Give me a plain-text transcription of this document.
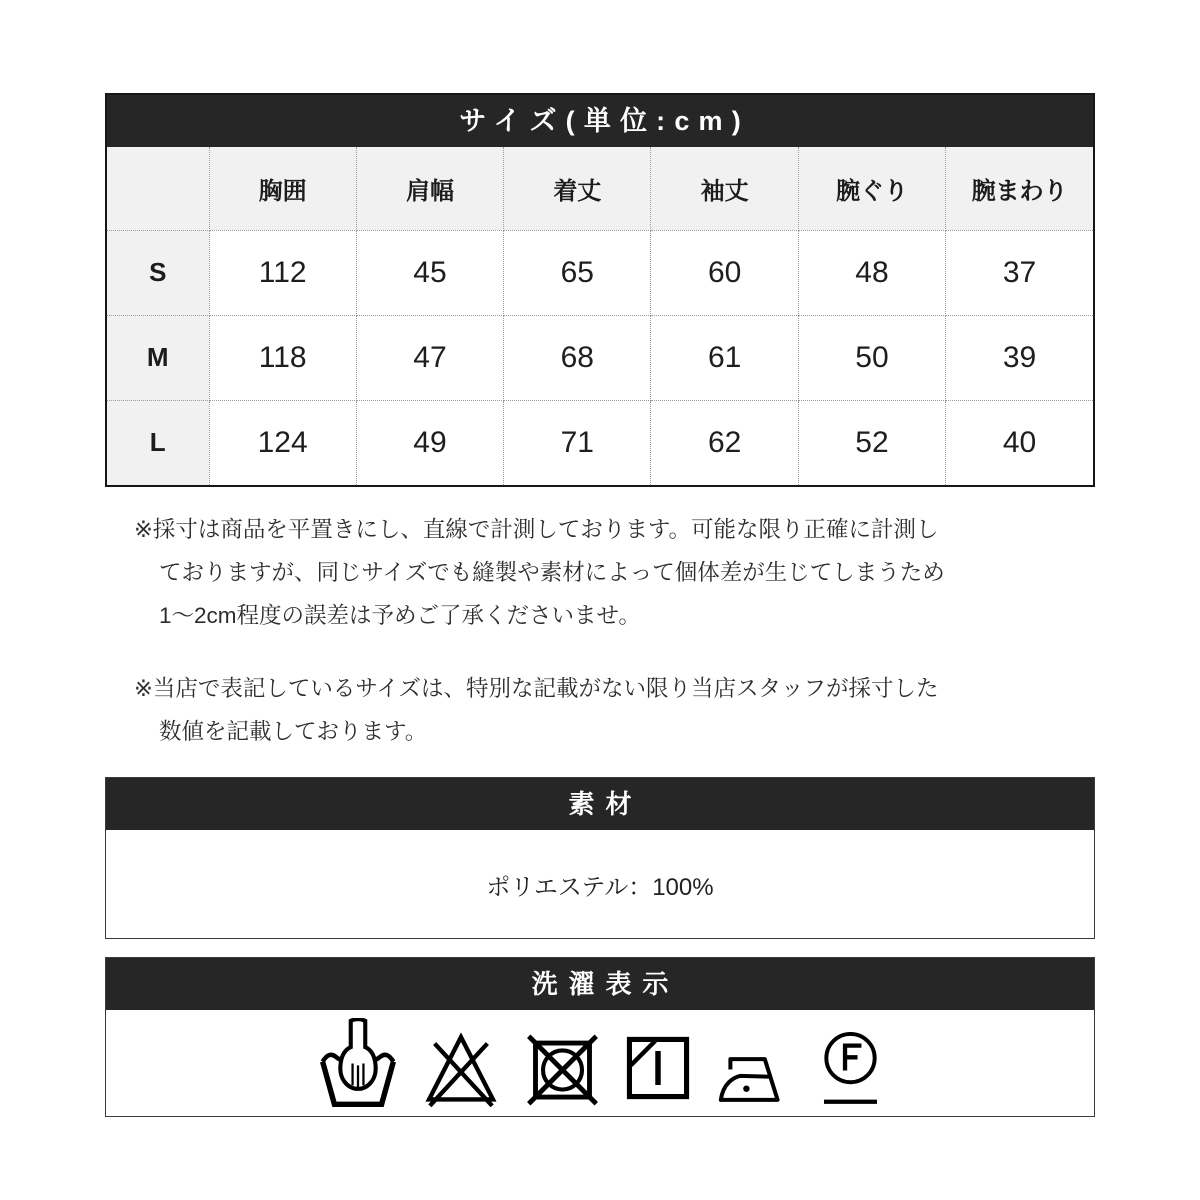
サイズ(単位:cm)
	胸囲	肩幅	着丈	袖丈	腕ぐり	腕まわり
S	112	45	65	60	48	37
M	118	47	68	61	50	39
L	124	49	71	62	52	40
※採寸は商品を平置きにし、直線で計測しております。可能な限り正確に計測し
ておりますが、同じサイズでも縫製や素材によって個体差が生じてしまうため
1〜2cm程度の誤差は予めご了承くださいませ。
※当店で表記しているサイズは、特別な記載がない限り当店スタッフが採寸した
数値を記載しております。
素材
ポリエステル：100%
洗濯表示
